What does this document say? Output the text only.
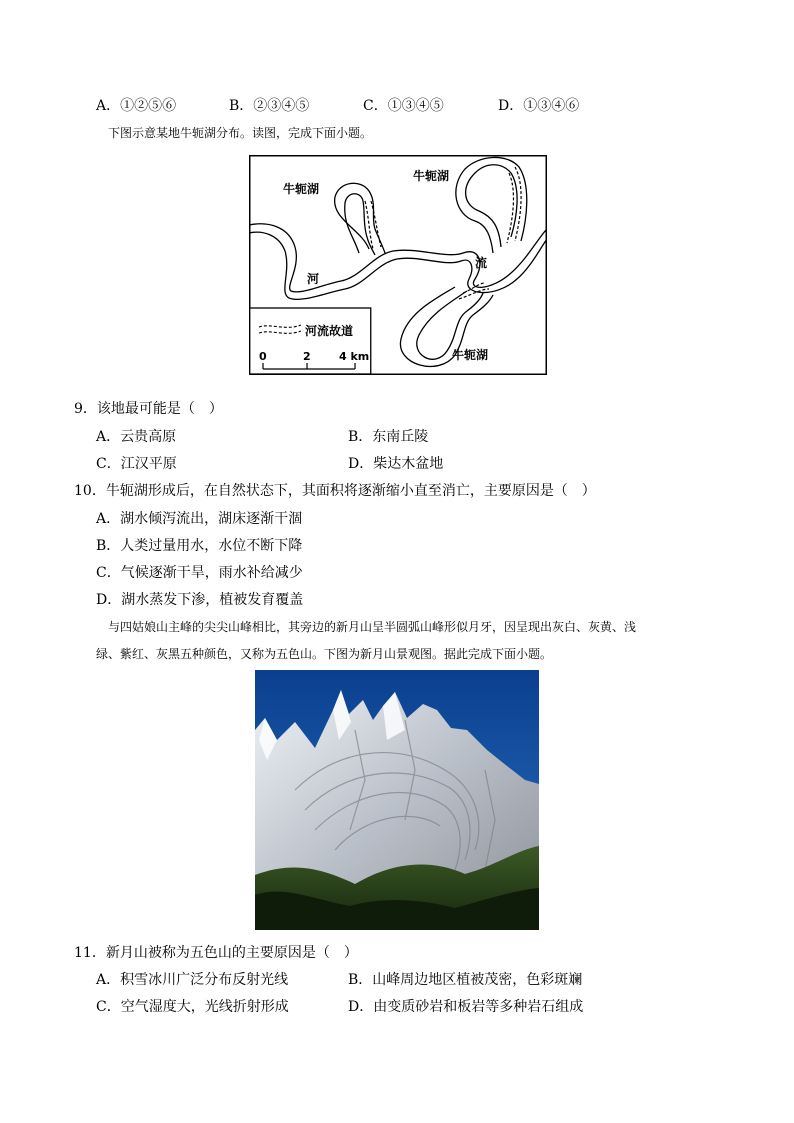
A．①②⑤⑥	B．②③④⑤	C．①③④⑤	D．①③④⑥
下图示意某地牛轭湖分布。读图，完成下面小题。
牛轭湖
牛轭湖
牛轭湖
河
流
河流故道
0	2	4 km
9．该地最可能是（　）
A．云贵高原	B．东南丘陵
C．江汉平原	D．柴达木盆地
10．牛轭湖形成后，在自然状态下，其面积将逐渐缩小直至消亡，主要原因是（　）
A．湖水倾泻流出，湖床逐渐干涸
B．人类过量用水，水位不断下降
C．气候逐渐干旱，雨水补给减少
D．湖水蒸发下渗，植被发育覆盖
与四姑娘山主峰的尖尖山峰相比，其旁边的新月山呈半圆弧山峰形似月牙，因呈现出灰白、灰黄、浅
绿、紫红、灰黑五种颜色，又称为五色山。下图为新月山景观图。据此完成下面小题。
11．新月山被称为五色山的主要原因是（　）
A．积雪冰川广泛分布反射光线	B．山峰周边地区植被茂密，色彩斑斓
C．空气湿度大，光线折射形成	D．由变质砂岩和板岩等多种岩石组成
